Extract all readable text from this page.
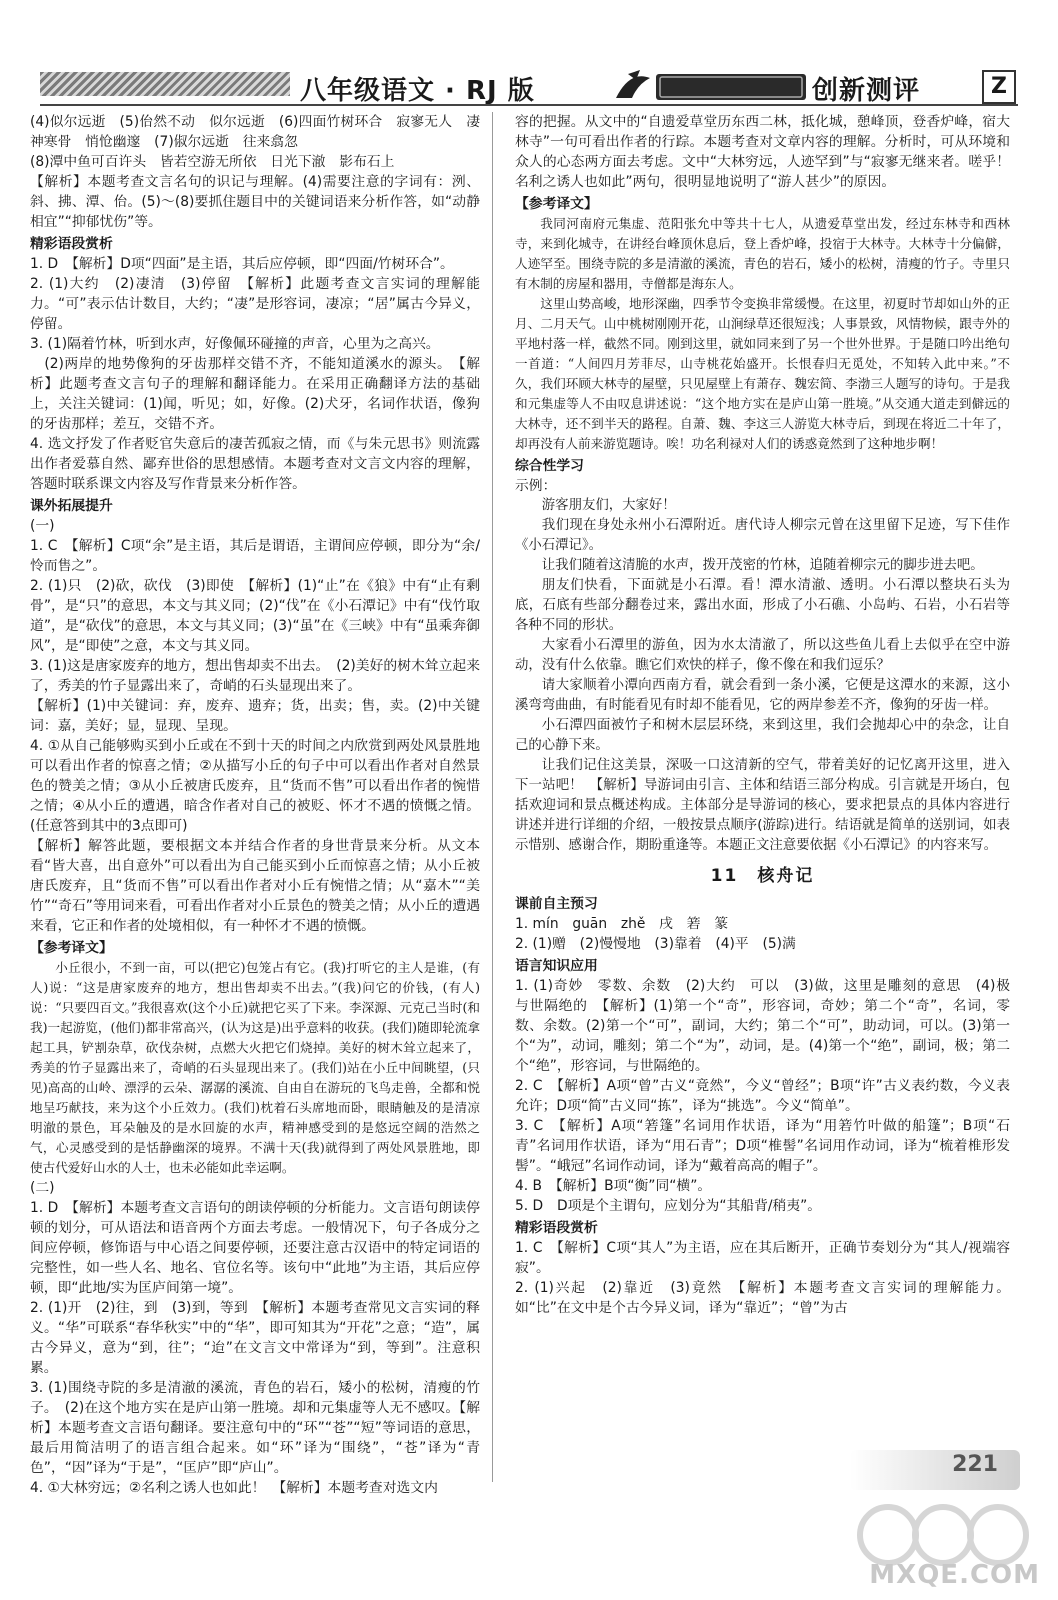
八年级语文 · RJ 版	创新测评	Z
(4)似尔远逝　(5)佁然不动　似尔远逝　(6)四面竹树环合　寂寥无人　凄神寒骨　悄怆幽邃　(7)俶尔远逝　往来翕忽
(8)潭中鱼可百许头　皆若空游无所依　日光下澈　影布石上
【解析】本题考查文言名句的识记与理解。(4)需要注意的字词有：洌、斜、拂、潭、佁。(5)～(8)要抓住题目中的关键词语来分析作答，如“动静相宜”“抑郁忧伤”等。
精彩语段赏析
1. D　【解析】D项“四面”是主语，其后应停顿，即“四面/竹树环合”。
2. (1)大约　(2)凄清　(3)停留　【解析】此题考查文言实词的理解能力。“可”表示估计数目，大约；“凄”是形容词，凄凉；“居”属古今异义，停留。
3. (1)隔着竹林，听到水声，好像佩环碰撞的声音，心里为之高兴。
　(2)两岸的地势像狗的牙齿那样交错不齐，不能知道溪水的源头。　【解析】此题考查文言句子的理解和翻译能力。在采用正确翻译方法的基础上，关注关键词：(1)闻，听见；如，好像。(2)犬牙，名词作状语，像狗的牙齿那样；差互，交错不齐。
4. 选文抒发了作者贬官失意后的凄苦孤寂之情，而《与朱元思书》则流露出作者爱慕自然、鄙弃世俗的思想感情。本题考查对文言文内容的理解，答题时联系课文内容及写作背景来分析作答。
课外拓展提升
(一)
1. C　【解析】C项“余”是主语，其后是谓语，主谓间应停顿，即分为“余/怜而售之”。
2. (1)只　(2)砍，砍伐　(3)即使　【解析】(1)“止”在《狼》中有“止有剩骨”，是“只”的意思，本文与其义同；(2)“伐”在《小石潭记》中有“伐竹取道”，是“砍伐”的意思，本文与其义同；(3)“虽”在《三峡》中有“虽乘奔御风”，是“即使”之意，本文与其义同。
3. (1)这是唐家废弃的地方，想出售却卖不出去。　(2)美好的树木耸立起来了，秀美的竹子显露出来了，奇峭的石头显现出来了。
【解析】(1)中关键词：弃，废弃、遗弃；货，出卖；售，卖。(2)中关键词：嘉，美好；显，显现、呈现。
4. ①从自己能够购买到小丘或在不到十天的时间之内欣赏到两处风景胜地可以看出作者的惊喜之情；②从描写小丘的句子中可以看出作者对自然景色的赞美之情；③从小丘被唐氏废弃，且“货而不售”可以看出作者的惋惜之情；④从小丘的遭遇，暗含作者对自己的被贬、怀才不遇的愤慨之情。(任意答到其中的3点即可)
【解析】解答此题，要根据文本并结合作者的身世背景来分析。从文本看“皆大喜，出自意外”可以看出为自己能买到小丘而惊喜之情；从小丘被唐氏废弃，且“货而不售”可以看出作者对小丘有惋惜之情；从“嘉木”“美竹”“奇石”等用词来看，可看出作者对小丘景色的赞美之情；从小丘的遭遇来看，它正和作者的处境相似，有一种怀才不遇的愤慨。
【参考译文】
小丘很小，不到一亩，可以(把它)包笼占有它。(我)打听它的主人是谁，(有人)说：“这是唐家废弃的地方，想出售却卖不出去。”(我)问它的价钱，(有人)说：“只要四百文。”我很喜欢(这个小丘)就把它买了下来。李深源、元克己当时(和我)一起游览，(他们)都非常高兴，(认为这是)出乎意料的收获。(我们)随即轮流拿起工具，铲割杂草，砍伐杂树，点燃大火把它们烧掉。美好的树木耸立起来了，秀美的竹子显露出来了，奇峭的石头显现出来了。(我们)站在小丘中间眺望，(只见)高高的山岭、漂浮的云朵、潺潺的溪流、自由自在游玩的飞鸟走兽，全都和悦地呈巧献技，来为这个小丘效力。(我们)枕着石头席地而卧，眼睛触及的是清凉明澈的景色，耳朵触及的是水回旋的水声，精神感受到的是悠远空阔的浩然之气，心灵感受到的是恬静幽深的境界。不满十天(我)就得到了两处风景胜地，即使古代爱好山水的人士，也未必能如此幸运啊。
(二)
1. D　【解析】本题考查文言语句的朗读停顿的分析能力。文言语句朗读停顿的划分，可从语法和语音两个方面去考虑。一般情况下，句子各成分之间应停顿，修饰语与中心语之间要停顿，还要注意古汉语中的特定词语的完整性，如一些人名、地名、官位名等。该句中“此地”为主语，其后应停顿，即“此地/实为匡庐间第一境”。
2. (1)开　(2)往，到　(3)到，等到　【解析】本题考查常见文言实词的释义。“华”可联系“春华秋实”中的“华”，即可知其为“开花”之意；“造”，属古今异义，意为“到，往”；“迨”在文言文中常译为“到，等到”。注意积累。
3. (1)围绕寺院的多是清澈的溪流，青色的岩石，矮小的松树，清瘦的竹子。　(2)在这个地方实在是庐山第一胜境。却和元集虚等人无不感叹。【解析】本题考查文言语句翻译。要注意句中的“环”“苍”“短”等词语的意思，最后用简洁明了的语言组合起来。如“环”译为“围绕”，“苍”译为“青色”，“因”译为“于是”，“匡庐”即“庐山”。
4. ①大林穷远；②名利之诱人也如此！　【解析】本题考查对选文内
容的把握。从文中的“自遗爱草堂历东西二林，抵化城，憩峰顶，登香炉峰，宿大林寺”一句可看出作者的行踪。本题考查对文章内容的理解。分析时，可从环境和众人的心态两方面去考虑。文中“大林穷远，人迹罕到”与“寂寥无继来者。嗟乎！名利之诱人也如此”两句，很明显地说明了“游人甚少”的原因。
【参考译文】
我同河南府元集虚、范阳张允中等共十七人，从遗爱草堂出发，经过东林寺和西林寺，来到化城寺，在讲经台峰顶休息后，登上香炉峰，投宿于大林寺。大林寺十分偏僻，人迹罕至。围绕寺院的多是清澈的溪流，青色的岩石，矮小的松树，清瘦的竹子。寺里只有木制的房屋和器用，寺僧都是海东人。
这里山势高峻，地形深幽，四季节令变换非常缓慢。在这里，初夏时节却如山外的正月、二月天气。山中桃树刚刚开花，山涧绿草还很短浅；人事景致，风情物候，跟寺外的平地村落一样，截然不同。刚到这里，就如同来到了另一个世外世界。于是随口吟出绝句一首道：“人间四月芳菲尽，山寺桃花始盛开。长恨春归无觅处，不知转入此中来。”不久，我们环顾大林寺的屋壁，只见屋壁上有萧存、魏宏简、李渤三人题写的诗句。于是我和元集虚等人不由叹息讲述说：“这个地方实在是庐山第一胜境。”从交通大道走到僻远的大林寺，还不到半天的路程。自萧、魏、李这三人游览大林寺后，到现在将近二十年了，却再没有人前来游览题诗。唉！功名利禄对人们的诱惑竟然到了这种地步啊！
综合性学习
示例：
游客朋友们，大家好！
我们现在身处永州小石潭附近。唐代诗人柳宗元曾在这里留下足迹，写下佳作《小石潭记》。
让我们随着这清脆的水声，拨开茂密的竹林，追随着柳宗元的脚步进去吧。
朋友们快看，下面就是小石潭。看！潭水清澈、透明。小石潭以整块石头为底，石底有些部分翻卷过来，露出水面，形成了小石礁、小岛屿、石岩，小石岩等各种不同的形状。
大家看小石潭里的游鱼，因为水太清澈了，所以这些鱼儿看上去似乎在空中游动，没有什么依靠。瞧它们欢快的样子，像不像在和我们逗乐？
请大家顺着小潭向西南方看，就会看到一条小溪，它便是这潭水的来源，这小溪弯弯曲曲，有时能看见有时却不能看见，它的两岸参差不齐，像狗的牙齿一样。
小石潭四面被竹子和树木层层环绕，来到这里，我们会抛却心中的杂念，让自己的心静下来。
让我们记住这美景，深吸一口这清新的空气，带着美好的记忆离开这里，进入下一站吧！　【解析】导游词由引言、主体和结语三部分构成。引言就是开场白，包括欢迎词和景点概述构成。主体部分是导游词的核心，要求把景点的具体内容进行讲述并进行详细的介绍，一般按景点顺序(游踪)进行。结语就是简单的送别词，如表示惜别、感谢合作，期盼重逢等。本题正文注意要依据《小石潭记》的内容来写。
11　核舟记
课前自主预习
1. mín　guān　zhě　戌　箬　篆
2. (1)赠　(2)慢慢地　(3)靠着　(4)平　(5)满
语言知识应用
1. (1)奇妙　零数、余数　(2)大约　可以　(3)做，这里是雕刻的意思　(4)极　与世隔绝的　【解析】(1)第一个“奇”，形容词，奇妙；第二个“奇”，名词，零数、余数。(2)第一个“可”，副词，大约；第二个“可”，助动词，可以。(3)第一个“为”，动词，雕刻；第二个“为”，动词，是。(4)第一个“绝”，副词，极；第二个“绝”，形容词，与世隔绝的。
2. C　【解析】A项“曾”古义“竟然”，今义“曾经”；B项“许”古义表约数，今义表允许；D项“简”古义同“拣”，译为“挑选”。今义“简单”。
3. C　【解析】A项“箬篷”名词用作状语，译为“用箬竹叶做的船篷”；B项“石青”名词用作状语，译为“用石青”；D项“椎髻”名词用作动词，译为“梳着椎形发髻”。“峨冠”名词作动词，译为“戴着高高的帽子”。
4. B　【解析】B项“衡”同“横”。
5. D　D项是个主谓句，应划分为“其船背/稍夷”。
精彩语段赏析
1. C　【解析】C项“其人”为主语，应在其后断开，正确节奏划分为“其人/视端容寂”。
2. (1)兴起　(2)靠近　(3)竟然　【解析】本题考查文言实词的理解能力。如“比”在文中是个古今异义词，译为“靠近”；“曾”为古
221
MXQE.COM
